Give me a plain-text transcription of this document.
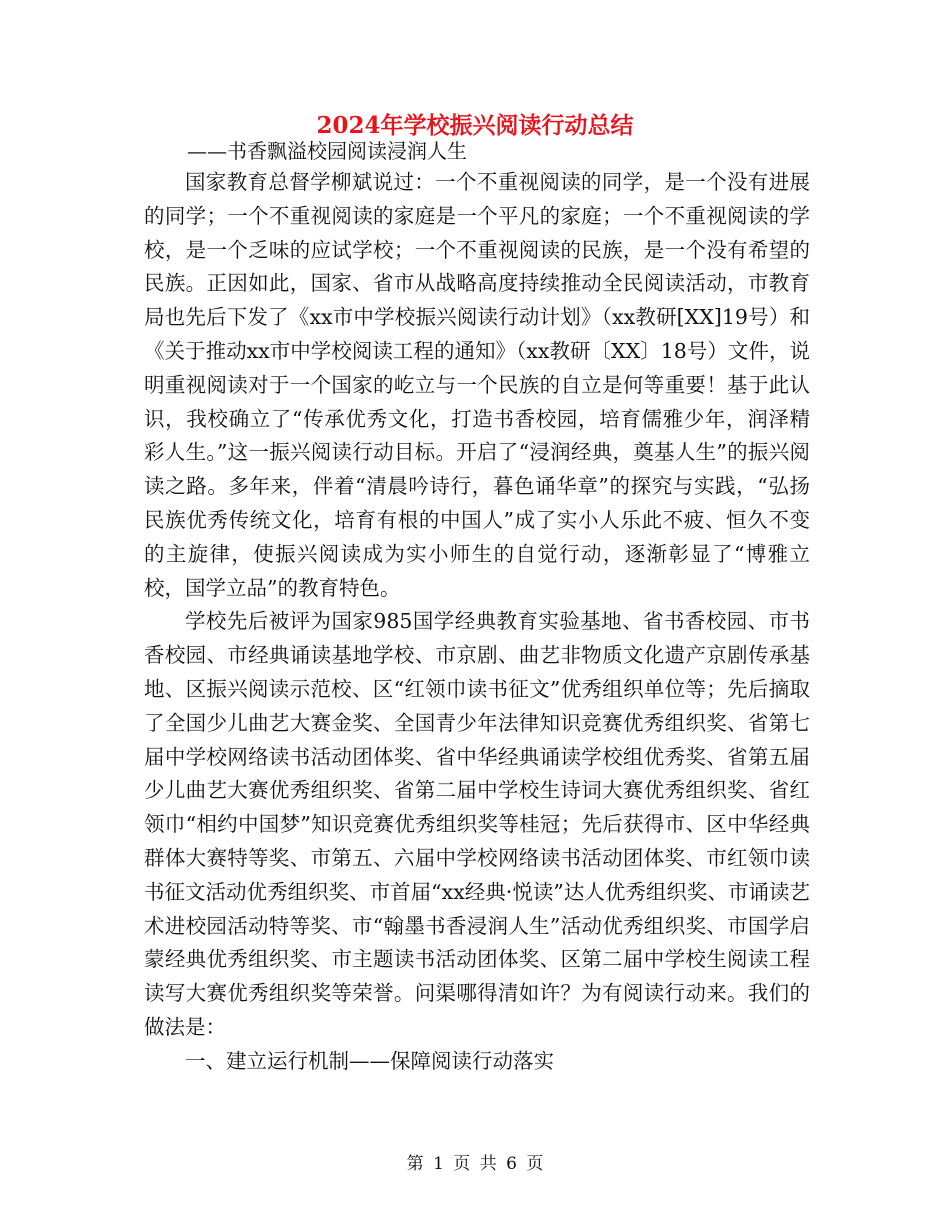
2024年学校振兴阅读行动总结
——书香飘溢校园阅读浸润人生

国家教育总督学柳斌说过：一个不重视阅读的同学，是一个没有进展的同学；一个不重视阅读的家庭是一个平凡的家庭；一个不重视阅读的学校，是一个乏味的应试学校；一个不重视阅读的民族，是一个没有希望的民族。正因如此，国家、省市从战略高度持续推动全民阅读活动，市教育局也先后下发了《xx市中学校振兴阅读行动计划》（xx教研[XX]19号）和《关于推动xx市中学校阅读工程的通知》（xx教研〔XX〕18号）文件，说明重视阅读对于一个国家的屹立与一个民族的自立是何等重要！基于此认识，我校确立了“传承优秀文化，打造书香校园，培育儒雅少年，润泽精彩人生。”这一振兴阅读行动目标。开启了“浸润经典，奠基人生”的振兴阅读之路。多年来，伴着“清晨吟诗行，暮色诵华章”的探究与实践，“弘扬民族优秀传统文化，培育有根的中国人”成了实小人乐此不疲、恒久不变的主旋律，使振兴阅读成为实小师生的自觉行动，逐渐彰显了“博雅立校，国学立品”的教育特色。

学校先后被评为国家985国学经典教育实验基地、省书香校园、市书香校园、市经典诵读基地学校、市京剧、曲艺非物质文化遗产京剧传承基地、区振兴阅读示范校、区“红领巾读书征文”优秀组织单位等；先后摘取了全国少儿曲艺大赛金奖、全国青少年法律知识竞赛优秀组织奖、省第七届中学校网络读书活动团体奖、省中华经典诵读学校组优秀奖、省第五届少儿曲艺大赛优秀组织奖、省第二届中学校生诗词大赛优秀组织奖、省红领巾“相约中国梦”知识竞赛优秀组织奖等桂冠；先后获得市、区中华经典群体大赛特等奖、市第五、六届中学校网络读书活动团体奖、市红领巾读书征文活动优秀组织奖、市首届“xx经典·悦读”达人优秀组织奖、市诵读艺术进校园活动特等奖、市“翰墨书香浸润人生”活动优秀组织奖、市国学启蒙经典优秀组织奖、市主题读书活动团体奖、区第二届中学校生阅读工程读写大赛优秀组织奖等荣誉。问渠哪得清如许？为有阅读行动来。我们的做法是：

一、建立运行机制——保障阅读行动落实

第 1 页 共 6 页
